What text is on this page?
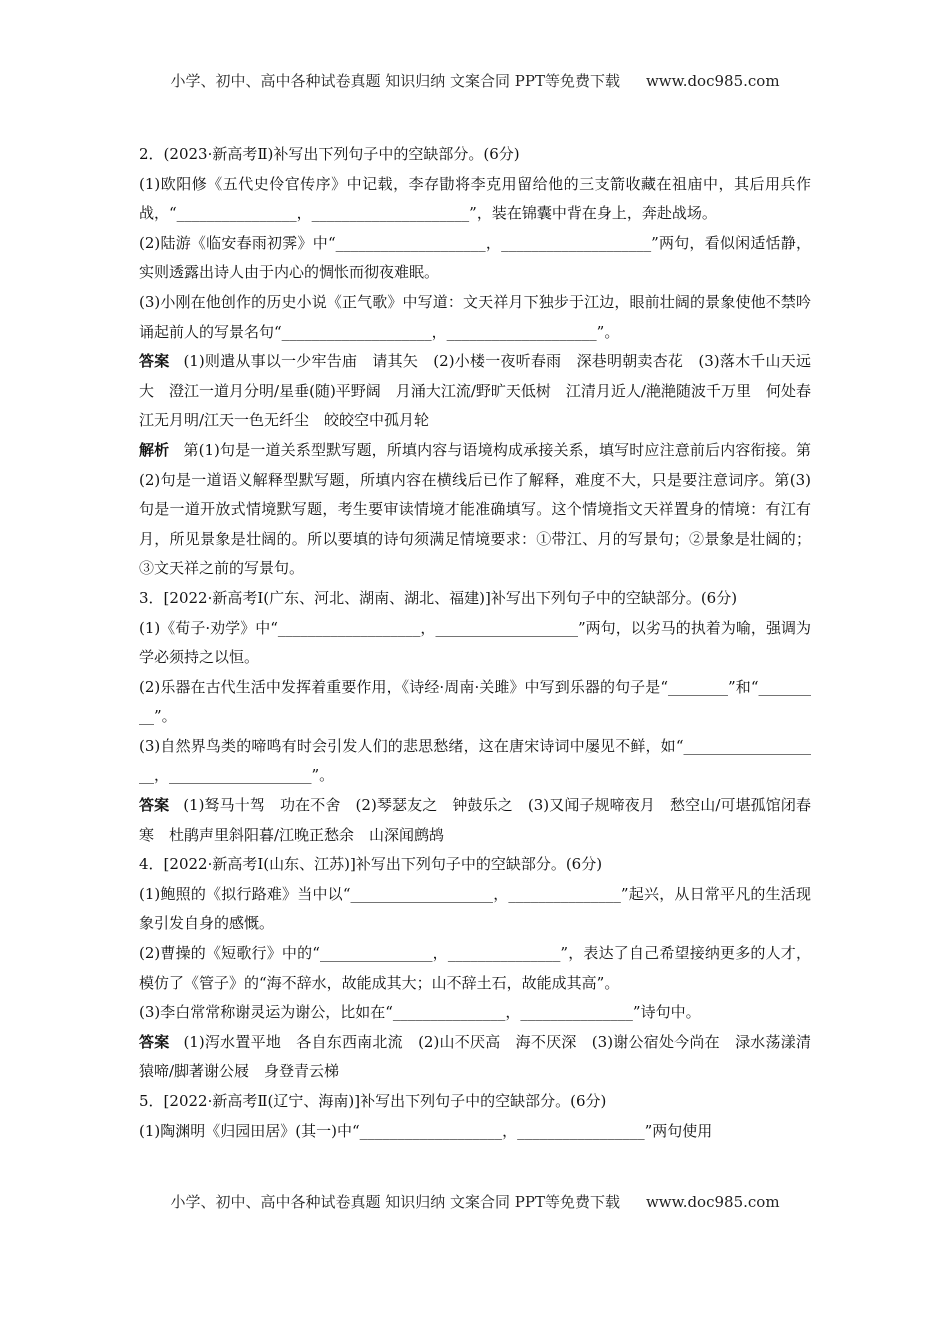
小学、初中、高中各种试卷真题 知识归纳 文案合同 PPT等免费下载 www.doc985.com

2．(2023·新高考Ⅱ)补写出下列句子中的空缺部分。(6分)

(1)欧阳修《五代史伶官传序》中记载，李存勖将李克用留给他的三支箭收藏在祖庙中，其后用兵作战，“________________，_____________________”，装在锦囊中背在身上，奔赴战场。

(2)陆游《临安春雨初霁》中“____________________，____________________”两句，看似闲适恬静，实则透露出诗人由于内心的惆怅而彻夜难眠。

(3)小刚在他创作的历史小说《正气歌》中写道：文天祥月下独步于江边，眼前壮阔的景象使他不禁吟诵起前人的写景名句“____________________，____________________”。

答案 (1)则遣从事以一少牢告庙　请其矢　(2)小楼一夜听春雨　深巷明朝卖杏花　(3)落木千山天远大　澄江一道月分明/星垂(随)平野阔　月涌大江流/野旷天低树　江清月近人/滟滟随波千万里　何处春江无月明/江天一色无纤尘　皎皎空中孤月轮

解析 第(1)句是一道关系型默写题，所填内容与语境构成承接关系，填写时应注意前后内容衔接。第(2)句是一道语义解释型默写题，所填内容在横线后已作了解释，难度不大，只是要注意词序。第(3)句是一道开放式情境默写题，考生要审读情境才能准确填写。这个情境指文天祥置身的情境：有江有月，所见景象是壮阔的。所以要填的诗句须满足情境要求：①带江、月的写景句；②景象是壮阔的；③文天祥之前的写景句。

3．[2022·新高考Ⅰ(广东、河北、湖南、湖北、福建)]补写出下列句子中的空缺部分。(6分)

(1)《荀子·劝学》中“___________________，___________________”两句，以劣马的执着为喻，强调为学必须持之以恒。

(2)乐器在古代生活中发挥着重要作用，《诗经·周南·关雎》中写到乐器的句子是“________”和“_________”。

(3)自然界鸟类的啼鸣有时会引发人们的悲思愁绪，这在唐宋诗词中屡见不鲜，如“___________________，___________________”。

答案 (1)驽马十驾　功在不舍　(2)琴瑟友之　钟鼓乐之　(3)又闻子规啼夜月　愁空山/可堪孤馆闭春寒　杜鹃声里斜阳暮/江晚正愁余　山深闻鹧鸪

4．[2022·新高考Ⅰ(山东、江苏)]补写出下列句子中的空缺部分。(6分)

(1)鲍照的《拟行路难》当中以“___________________，_______________”起兴，从日常平凡的生活现象引发自身的感慨。

(2)曹操的《短歌行》中的“_______________，_______________”，表达了自己希望接纳更多的人才，模仿了《管子》的“海不辞水，故能成其大；山不辞土石，故能成其高”。

(3)李白常常称谢灵运为谢公，比如在“_______________，_______________”诗句中。

答案 (1)泻水置平地　各自东西南北流　(2)山不厌高　海不厌深　(3)谢公宿处今尚在　渌水荡漾清猿啼/脚著谢公屐　身登青云梯

5．[2022·新高考Ⅱ(辽宁、海南)]补写出下列句子中的空缺部分。(6分)

(1)陶渊明《归园田居》(其一)中“___________________，_________________”两句使用

小学、初中、高中各种试卷真题 知识归纳 文案合同 PPT等免费下载 www.doc985.com
